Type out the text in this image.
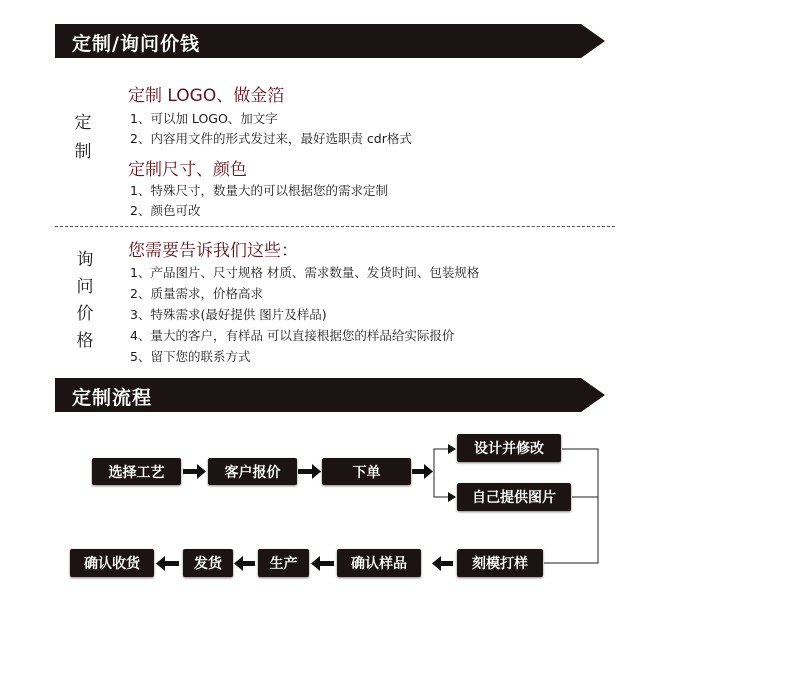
定制/询问价钱
定
制
定制 LOGO、做金箔
1、可以加 LOGO、加文字
2、内容用文件的形式发过来，最好选职责 cdr格式
定制尺寸、颜色
1、特殊尺寸，数量大的可以根据您的需求定制
2、颜色可改
询
问
价
格
您需要告诉我们这些：
1、产品图片、尺寸规格 材质、需求数量、发货时间、包装规格
2、质量需求，价格高求
3、特殊需求(最好提供 图片及样品)
4、量大的客户，有样品 可以直接根据您的样品给实际报价
5、留下您的联系方式
定制流程
选择工艺	客户报价	下单
设计并修改
自己提供图片
刻模打样
确认样品
生产
发货
确认收货
